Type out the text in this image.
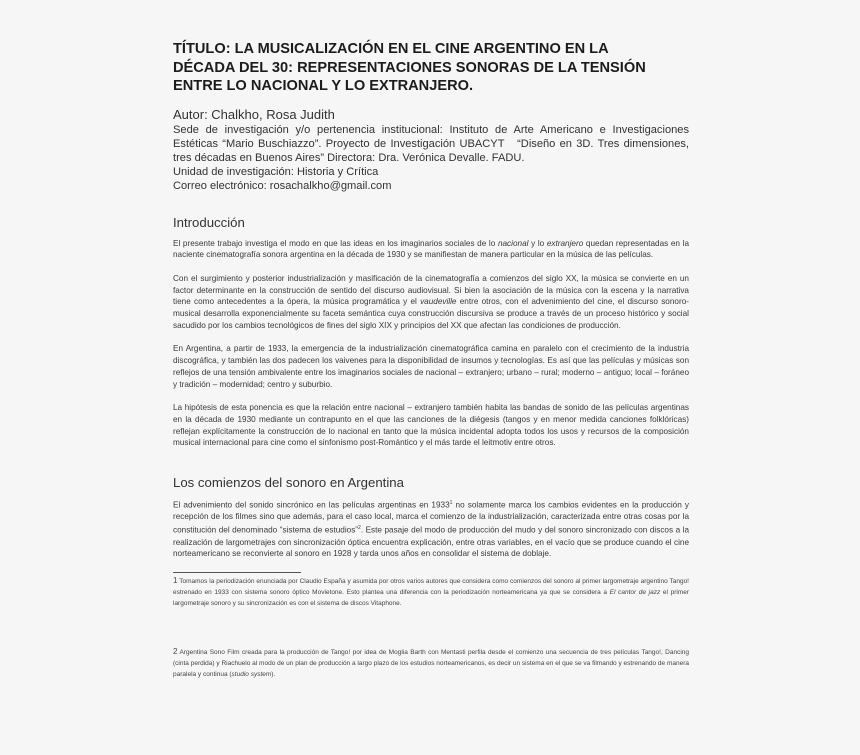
TÍTULO: LA MUSICALIZACIÓN EN EL CINE ARGENTINO EN LA
DÉCADA DEL 30: REPRESENTACIONES SONORAS DE LA TENSIÓN
ENTRE LO NACIONAL Y LO EXTRANJERO.
Autor: Chalkho, Rosa Judith
Sede de investigación y/o pertenencia institucional: Instituto de Arte Americano e Investigaciones Estéticas “Mario Buschiazzo”. Proyecto de Investigación UBACYT   “Diseño en 3D. Tres dimensiones, tres décadas en Buenos Aires” Directora: Dra. Verónica Devalle. FADU.
Unidad de investigación: Historia y Crítica
Correo electrónico: rosachalkho@gmail.com
Introducción

El presente trabajo investiga el modo en que las ideas en los imaginarios sociales de lo nacional y lo extranjero quedan representadas en la naciente cinematografía sonora argentina en la década de 1930 y se manifiestan de manera particular en la música de las películas.

Con el surgimiento y posterior industrialización y masificación de la cinematografía a comienzos del siglo XX, la música se convierte en un factor determinante en la construcción de sentido del discurso audiovisual. Si bien la asociación de la música con la escena y la narrativa tiene como antecedentes a la ópera, la música programática y el vaudeville entre otros, con el advenimiento del cine, el discurso sonoro-musical desarrolla exponencialmente su faceta semántica cuya construcción discursiva se produce a través de un proceso histórico y social sacudido por los cambios tecnológicos de fines del siglo XIX y principios del XX que afectan las condiciones de producción.

En Argentina, a partir de 1933, la emergencia de la industrialización cinematográfica camina en paralelo con el crecimiento de la industria discográfica, y también las dos padecen los vaivenes para la disponibilidad de insumos y tecnologías. Es así que las películas y músicas son reflejos de una tensión ambivalente entre los imaginarios sociales de nacional – extranjero; urbano – rural; moderno – antiguo; local – foráneo y tradición – modernidad; centro y suburbio.

La hipótesis de esta ponencia es que la relación entre nacional – extranjero también habita las bandas de sonido de las películas argentinas en la década de 1930 mediante un contrapunto en el que las canciones de la diégesis (tangos y en menor medida canciones folklóricas) reflejan explícitamente la construcción de lo nacional en tanto que la música incidental adopta todos los usos y recursos de la composición musical internacional para cine como el sinfonismo post-Romántico y el más tarde el leitmotiv entre otros.

Los comienzos del sonoro en Argentina

El advenimiento del sonido sincrónico en las películas argentinas en 1933$^1$ no solamente marca los cambios evidentes en la producción y recepción de los filmes sino que además, para el caso local, marca el comienzo de la industrialización, caracterizada entre otras cosas por la constitución del denominado “sistema de estudios”$^2$. Este pasaje del modo de producción del mudo y del sonoro sincronizado con discos a la realización de largometrajes con sincronización óptica encuentra explicación, entre otras variables, en el vacío que se produce cuando el cine norteamericano se reconvierte al sonoro en 1928 y tarda unos años en consolidar el sistema de doblaje.

1 Tomamos la periodización enunciada por Claudio España y asumida por otros varios autores que considera como comienzos del sonoro al primer largometraje argentino Tango! estrenado en 1933 con sistema sonoro óptico Movietone. Esto plantea una diferencia con la periodización norteamericana ya que se considera a El cantor de jazz el primer largometraje sonoro y su sincronización es con el sistema de discos Vitaphone.
2 Argentina Sono Film creada para la producción de Tango! por idea de Moglia Barth con Mentasti perfila desde el comienzo una secuencia de tres películas Tango!, Dancing (cinta perdida) y Riachuelo al modo de un plan de producción a largo plazo de los estudios norteamericanos, es decir un sistema en el que se va filmando y estrenando de manera paralela y continua (studio system).
